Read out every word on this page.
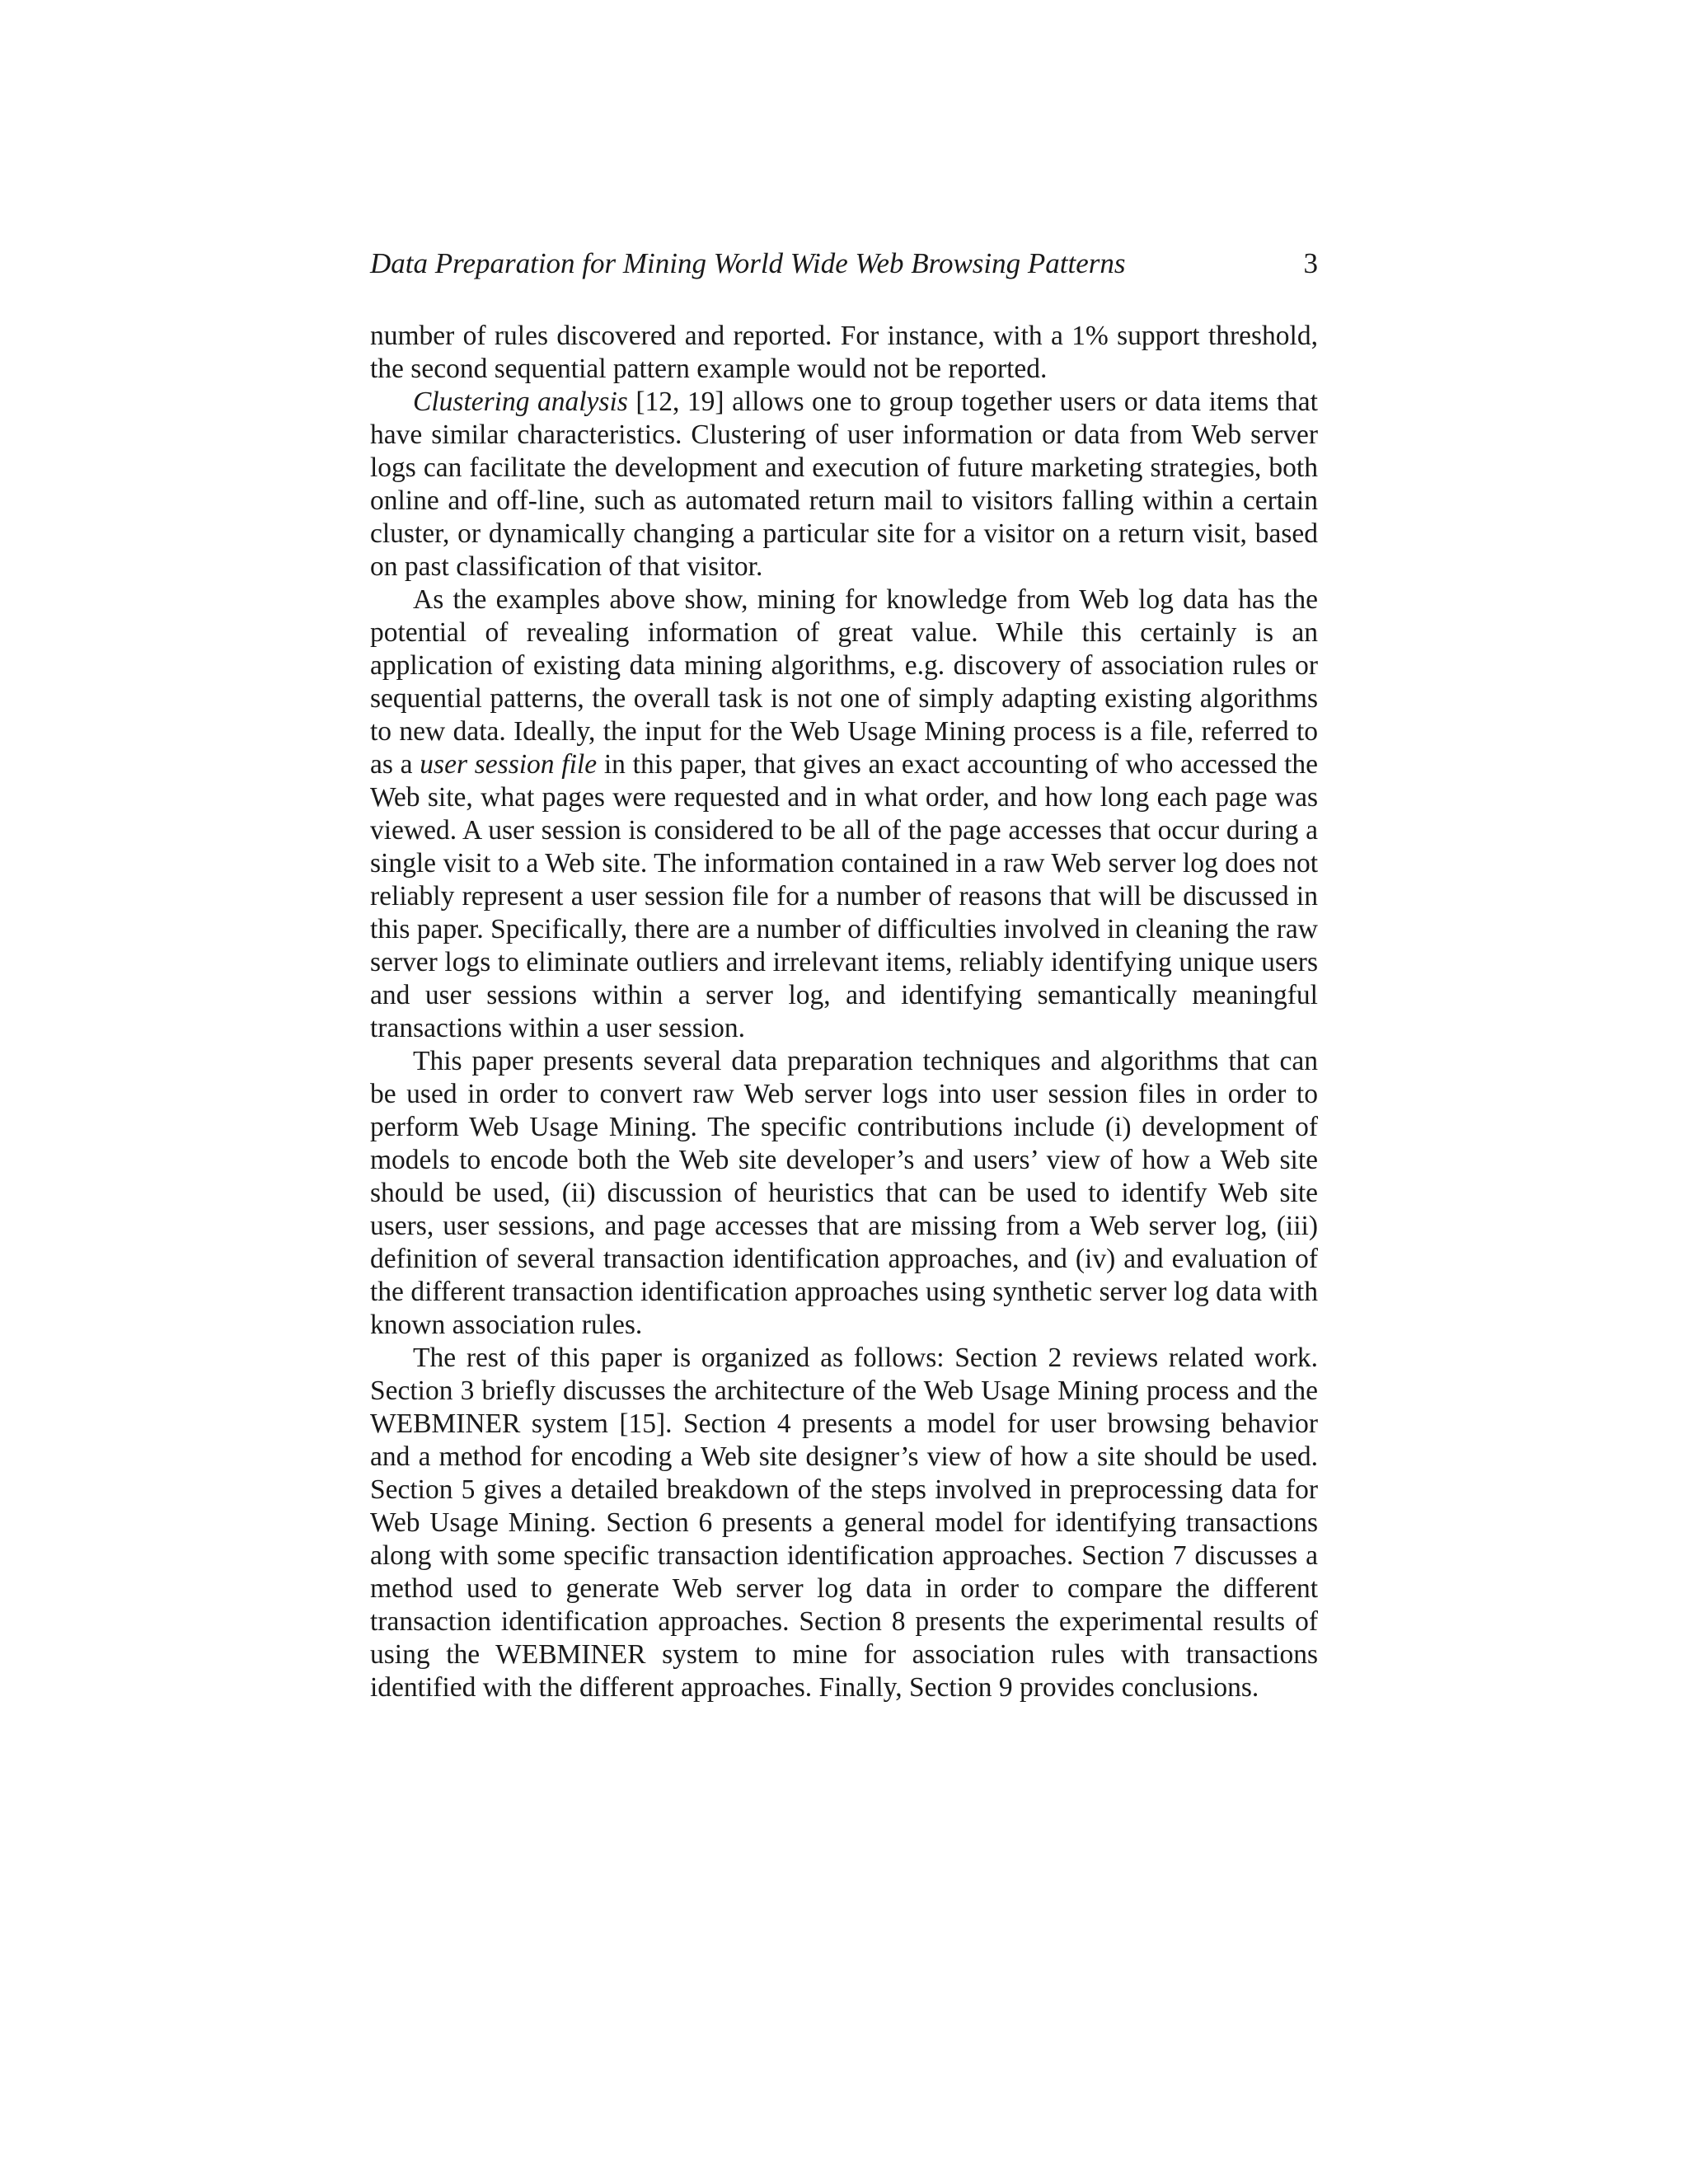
Data Preparation for Mining World Wide Web Browsing Patterns	3

number of rules discovered and reported. For instance, with a 1% support threshold, the second sequential pattern example would not be reported.

Clustering analysis [12, 19] allows one to group together users or data items that have similar characteristics. Clustering of user information or data from Web server logs can facilitate the development and execution of future marketing strategies, both online and off-line, such as automated return mail to visitors falling within a certain cluster, or dynamically changing a particular site for a visitor on a return visit, based on past classification of that visitor.

As the examples above show, mining for knowledge from Web log data has the potential of revealing information of great value. While this certainly is an application of existing data mining algorithms, e.g. discovery of association rules or sequential patterns, the overall task is not one of simply adapting existing algorithms to new data. Ideally, the input for the Web Usage Mining process is a file, referred to as a user session file in this paper, that gives an exact accounting of who accessed the Web site, what pages were requested and in what order, and how long each page was viewed. A user session is considered to be all of the page accesses that occur during a single visit to a Web site. The information contained in a raw Web server log does not reliably represent a user session file for a number of reasons that will be discussed in this paper. Specifically, there are a number of difficulties involved in cleaning the raw server logs to eliminate outliers and irrelevant items, reliably identifying unique users and user sessions within a server log, and identifying semantically meaningful transactions within a user session.

This paper presents several data preparation techniques and algorithms that can be used in order to convert raw Web server logs into user session files in order to perform Web Usage Mining. The specific contributions include (i) development of models to encode both the Web site developer’s and users’ view of how a Web site should be used, (ii) discussion of heuristics that can be used to identify Web site users, user sessions, and page accesses that are missing from a Web server log, (iii) definition of several transaction identification approaches, and (iv) and evaluation of the different transaction identification approaches using synthetic server log data with known association rules.

The rest of this paper is organized as follows: Section 2 reviews related work. Section 3 briefly discusses the architecture of the Web Usage Mining process and the WEBMINER system [15]. Section 4 presents a model for user browsing behavior and a method for encoding a Web site designer’s view of how a site should be used. Section 5 gives a detailed breakdown of the steps involved in preprocessing data for Web Usage Mining. Section 6 presents a general model for identifying transactions along with some specific transaction identification approaches. Section 7 discusses a method used to generate Web server log data in order to compare the different transaction identification approaches. Section 8 presents the experimental results of using the WEBMINER system to mine for association rules with transactions identified with the different approaches. Finally, Section 9 provides conclusions.
